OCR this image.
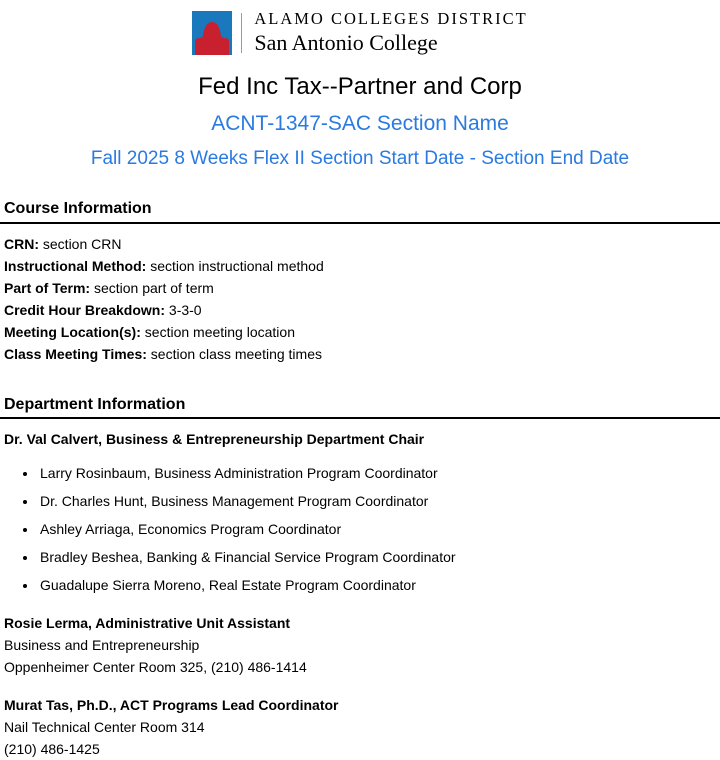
ALAMO COLLEGES DISTRICT
San Antonio College
Fed Inc Tax--Partner and Corp
ACNT-1347-SAC Section Name
Fall 2025 8 Weeks Flex II Section Start Date - Section End Date
Course Information
CRN: section CRN
Instructional Method: section instructional method
Part of Term: section part of term
Credit Hour Breakdown: 3-3-0
Meeting Location(s): section meeting location
Class Meeting Times: section class meeting times
Department Information
Dr. Val Calvert, Business & Entrepreneurship Department Chair
• Larry Rosinbaum, Business Administration Program Coordinator
• Dr. Charles Hunt, Business Management Program Coordinator
• Ashley Arriaga, Economics Program Coordinator
• Bradley Beshea, Banking & Financial Service Program Coordinator
• Guadalupe Sierra Moreno, Real Estate Program Coordinator
Rosie Lerma, Administrative Unit Assistant
Business and Entrepreneurship
Oppenheimer Center Room 325, (210) 486-1414
Murat Tas, Ph.D., ACT Programs Lead Coordinator
Nail Technical Center Room 314
(210) 486-1425
